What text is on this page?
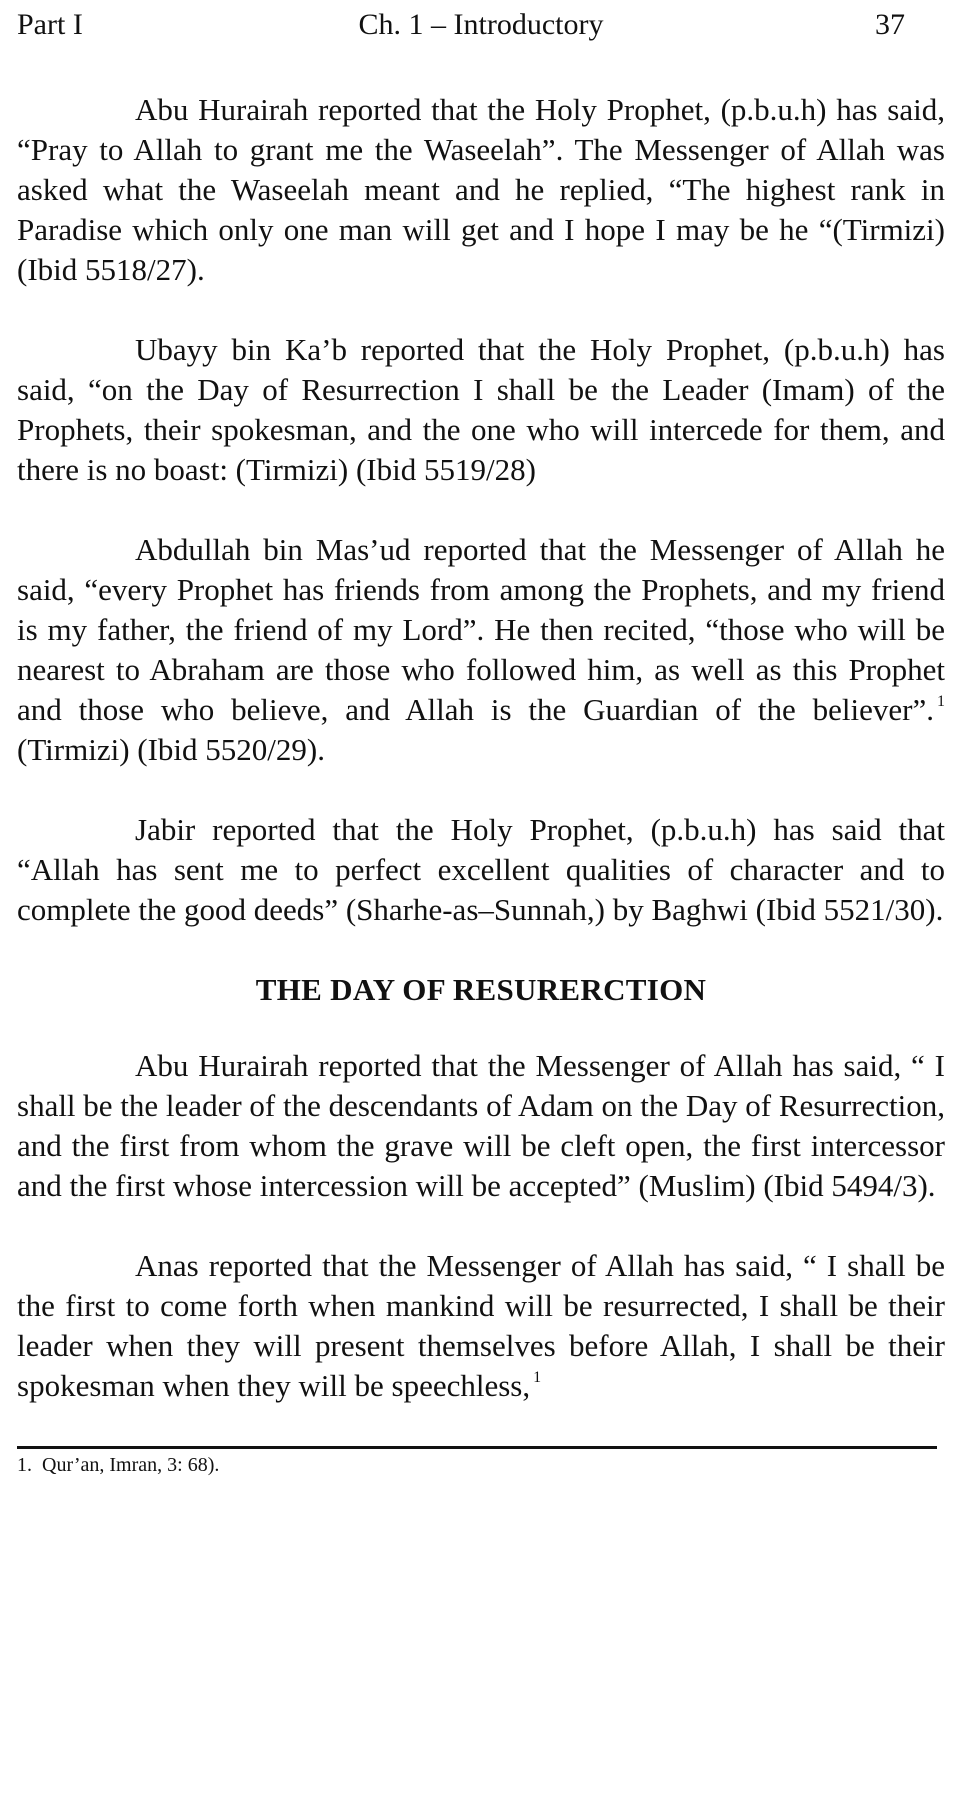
Part I	Ch. 1 – Introductory	37

Abu Hurairah reported that the Holy Prophet, (p.b.u.h) has said, “Pray to Allah to grant me the Waseelah”. The Messenger of Allah was asked what the Waseelah meant and he replied, “The highest rank in Paradise which only one man will get and I hope I may be he “(Tirmizi) (Ibid 5518/27).

Ubayy bin Ka’b reported that the Holy Prophet, (p.b.u.h) has said, “on the Day of Resurrection I shall be the Leader (Imam) of the Prophets, their spokesman, and the one who will intercede for them, and there is no boast: (Tirmizi) (Ibid 5519/28)

Abdullah bin Mas’ud reported that the Messenger of Allah he said, “every Prophet has friends from among the Prophets, and my friend is my father, the friend of my Lord”. He then recited, “those who will be nearest to Abraham are those who followed him, as well as this Prophet and those who believe, and Allah is the Guardian of the believer”. $^1$ (Tirmizi) (Ibid 5520/29).

Jabir reported that the Holy Prophet, (p.b.u.h) has said that “Allah has sent me to perfect excellent qualities of character and to complete the good deeds” (Sharhe-as–Sunnah,) by Baghwi (Ibid 5521/30).

THE DAY OF RESURERCTION

Abu Hurairah reported that the Messenger of Allah has said, “ I shall be the leader of the descendants of Adam on the Day of Resurrection, and the first from whom the grave will be cleft open, the first intercessor and the first whose intercession will be accepted” (Muslim) (Ibid 5494/3).

Anas reported that the Messenger of Allah has said, “ I shall be the first to come forth when mankind will be resurrected, I shall be their leader when they will present themselves before Allah, I shall be their spokesman when they will be speechless, $^1$

1. Qur’an, Imran, 3: 68).
